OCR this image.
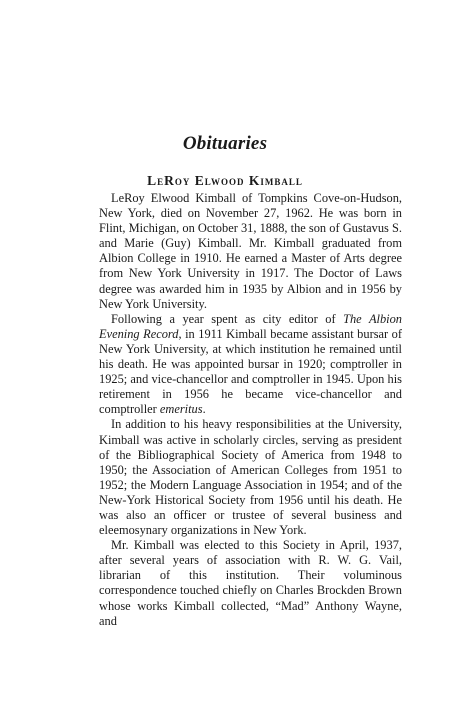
Obituaries
LeRoy Elwood Kimball

LeRoy Elwood Kimball of Tompkins Cove-on-Hudson, New York, died on November 27, 1962. He was born in Flint, Michigan, on October 31, 1888, the son of Gustavus S. and Marie (Guy) Kimball. Mr. Kimball graduated from Albion College in 1910. He earned a Master of Arts degree from New York University in 1917. The Doctor of Laws degree was awarded him in 1935 by Albion and in 1956 by New York University.

Following a year spent as city editor of The Albion Evening Record, in 1911 Kimball became assistant bursar of New York University, at which institution he remained until his death. He was appointed bursar in 1920; comptroller in 1925; and vice-chancellor and comptroller in 1945. Upon his retirement in 1956 he became vice-chancellor and comptroller emeritus.

In addition to his heavy responsibilities at the University, Kimball was active in scholarly circles, serving as president of the Bibliographical Society of America from 1948 to 1950; the Association of American Colleges from 1951 to 1952; the Modern Language Association in 1954; and of the New-York Historical Society from 1956 until his death. He was also an officer or trustee of several business and eleemosynary organizations in New York.

Mr. Kimball was elected to this Society in April, 1937, after several years of association with R. W. G. Vail, librarian of this institution. Their voluminous correspondence touched chiefly on Charles Brockden Brown whose works Kimball collected, “Mad” Anthony Wayne, and
